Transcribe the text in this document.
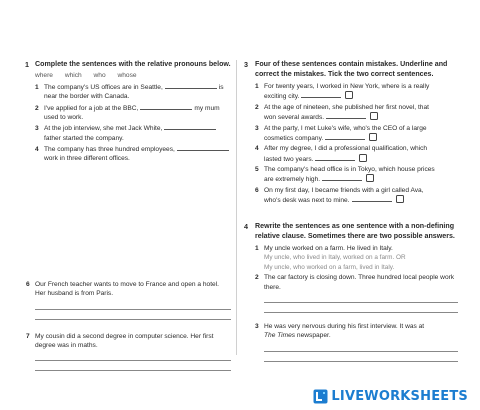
1 Complete the sentences with the relative pronouns below.
where which who whose
1 The company's US offices are in Seattle,	is
near the border with Canada.
2 I've applied for a job at the BBC,	my mum
used to work.
3 At the job interview, she met Jack White,
father started the company.
4 The company has three hundred employees,
work in three different offices.
6 Our French teacher wants to move to France and open a hotel. Her husband is from Paris.
7 My cousin did a second degree in computer science. Her first degree was in maths.
3 Four of these sentences contain mistakes. Underline and correct the mistakes. Tick the two correct sentences.
1 For twenty years, I worked in New York, where is a really
exciting city.
2 At the age of nineteen, she published her first novel, that
won several awards.
3 At the party, I met Luke's wife, who's the CEO of a large
cosmetics company.
4 After my degree, I did a professional qualification, which
lasted two years.
5 The company's head office is in Tokyo, which house prices
are extremely high.
6 On my first day, I became friends with a girl called Ava,
who's desk was next to mine.
4 Rewrite the sentences as one sentence with a non-defining relative clause. Sometimes there are two possible answers.
1 My uncle worked on a farm. He lived in Italy.
My uncle, who lived in Italy, worked on a farm. OR
My uncle, who worked on a farm, lived in Italy.
2 The car factory is closing down. Three hundred local people work there.
3 He was very nervous during his first interview. It was at
The Times newspaper.
LIVEWORKSHEETS
